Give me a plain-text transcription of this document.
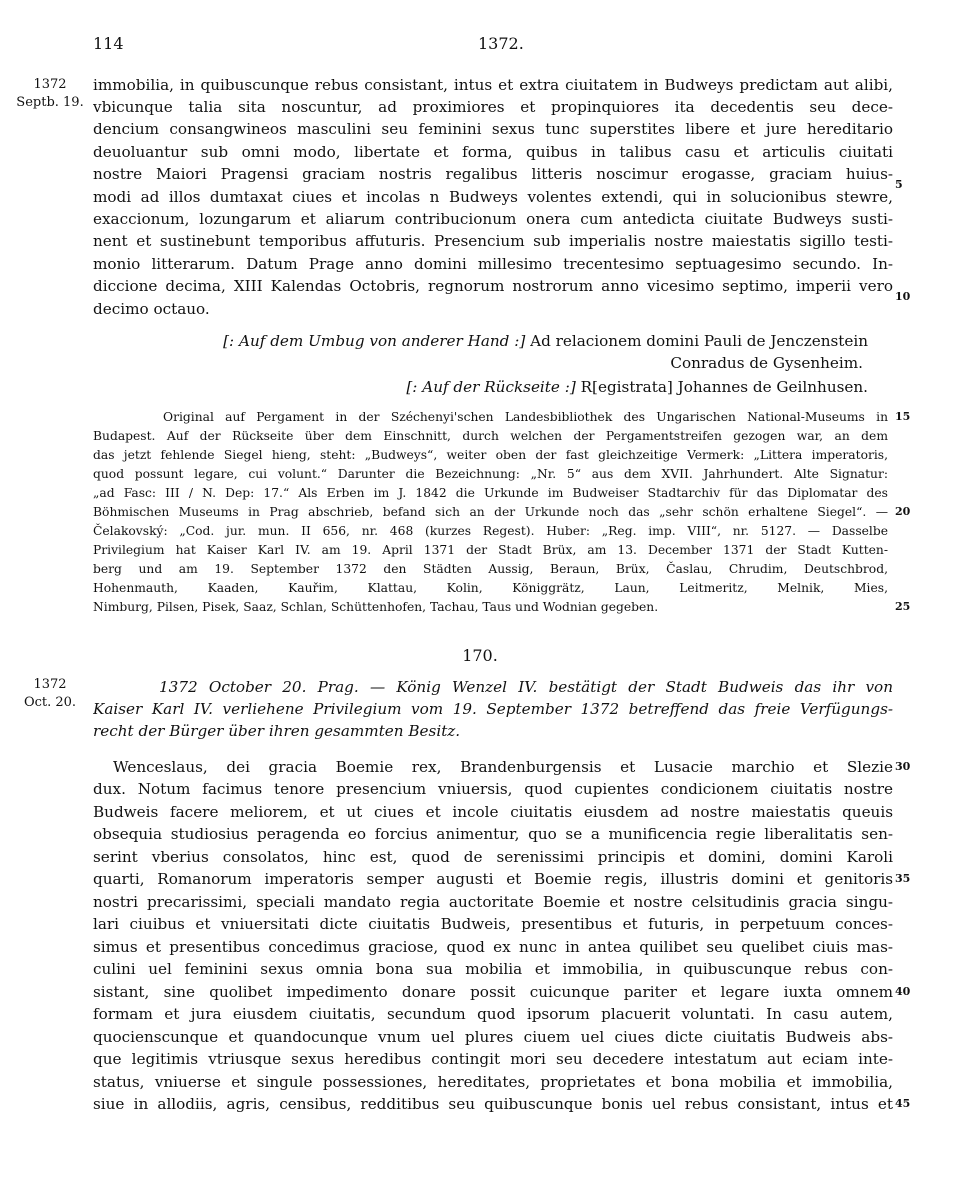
114	1372.
1372
Septb. 19.
immobilia, in quibuscunque rebus consistant, intus et extra ciuitatem in Budweys predictam aut alibi,
vbicunque talia sita noscuntur, ad proximiores et propinquiores ita decedentis seu dece-
dencium consangwineos masculini seu feminini sexus tunc superstites libere et jure hereditario
deuoluantur sub omni modo, libertate et forma, quibus in talibus casu et articulis ciuitati
nostre Maiori Pragensi graciam nostris regalibus litteris noscimur erogasse, graciam huius-
modi ad illos dumtaxat ciues et incolas n Budweys volentes extendi, qui in solucionibus stewre,
exaccionum, lozungarum et aliarum contribucionum onera cum antedicta ciuitate Budweys susti-
nent et sustinebunt temporibus affuturis. Presencium sub imperialis nostre maiestatis sigillo testi-
monio litterarum. Datum Prage anno domini millesimo trecentesimo septuagesimo secundo. In-
diccione decima, XIII Kalendas Octobris, regnorum nostrorum anno vicesimo septimo, imperii vero
decimo octauo.
[: Auf dem Umbug von anderer Hand :] Ad relacionem domini Pauli de Jenczenstein
Conradus de Gysenheim.
[: Auf der Rückseite :] R[egistrata] Johannes de Geilnhusen.
Original auf Pergament in der Széchenyi'schen Landesbibliothek des Ungarischen National-Museums in
Budapest. Auf der Rückseite über dem Einschnitt, durch welchen der Pergamentstreifen gezogen war, an dem
das jetzt fehlende Siegel hieng, steht: „Budweys“, weiter oben der fast gleichzeitige Vermerk: „Littera imperatoris,
quod possunt legare, cui volunt.“ Darunter die Bezeichnung: „Nr. 5“ aus dem XVII. Jahrhundert. Alte Signatur:
„ad Fasc: III / N. Dep: 17.“ Als Erben im J. 1842 die Urkunde im Budweiser Stadtarchiv für das Diplomatar des
Böhmischen Museums in Prag abschrieb, befand sich an der Urkunde noch das „sehr schön erhaltene Siegel“. —
Čelakovský: „Cod. jur. mun. II 656, nr. 468 (kurzes Regest). Huber: „Reg. imp. VIII“, nr. 5127. — Dasselbe
Privilegium hat Kaiser Karl IV. am 19. April 1371 der Stadt Brüx, am 13. December 1371 der Stadt Kutten-
berg und am 19. September 1372 den Städten Aussig, Beraun, Brüx, Časlau, Chrudim, Deutschbrod,
Hohenmauth, Kaaden, Kauřim, Klattau, Kolin, Königgrätz, Laun, Leitmeritz, Melnik, Mies,
Nimburg, Pilsen, Pisek, Saaz, Schlan, Schüttenhofen, Tachau, Taus und Wodnian gegeben.
170.
1372
Oct. 20.
1372 October 20. Prag. — König Wenzel IV. bestätigt der Stadt Budweis das ihr von
Kaiser Karl IV. verliehene Privilegium vom 19. September 1372 betreffend das freie Verfügungs-
recht der Bürger über ihren gesammten Besitz.
Wenceslaus, dei gracia Boemie rex, Brandenburgensis et Lusacie marchio et Slezie
dux. Notum facimus tenore presencium vniuersis, quod cupientes condicionem ciuitatis nostre
Budweis facere meliorem, et ut ciues et incole ciuitatis eiusdem ad nostre maiestatis queuis
obsequia studiosius peragenda eo forcius animentur, quo se a munificencia regie liberalitatis sen-
serint vberius consolatos, hinc est, quod de serenissimi principis et domini, domini Karoli
quarti, Romanorum imperatoris semper augusti et Boemie regis, illustris domini et genitoris
nostri precarissimi, speciali mandato regia auctoritate Boemie et nostre celsitudinis gracia singu-
lari ciuibus et vniuersitati dicte ciuitatis Budweis, presentibus et futuris, in perpetuum conces-
simus et presentibus concedimus graciose, quod ex nunc in antea quilibet seu quelibet ciuis mas-
culini uel feminini sexus omnia bona sua mobilia et immobilia, in quibuscunque rebus con-
sistant, sine quolibet impedimento donare possit cuicunque pariter et legare iuxta omnem
formam et jura eiusdem ciuitatis, secundum quod ipsorum placuerit voluntati. In casu autem,
quocienscunque et quandocunque vnum uel plures ciuem uel ciues dicte ciuitatis Budweis abs-
que legitimis vtriusque sexus heredibus contingit mori seu decedere intestatum aut eciam inte-
status, vniuerse et singule possessiones, hereditates, proprietates et bona mobilia et immobilia,
siue in allodiis, agris, censibus, redditibus seu quibuscunque bonis uel rebus consistant, intus et
5
10
15
20
25
30
35
40
45
